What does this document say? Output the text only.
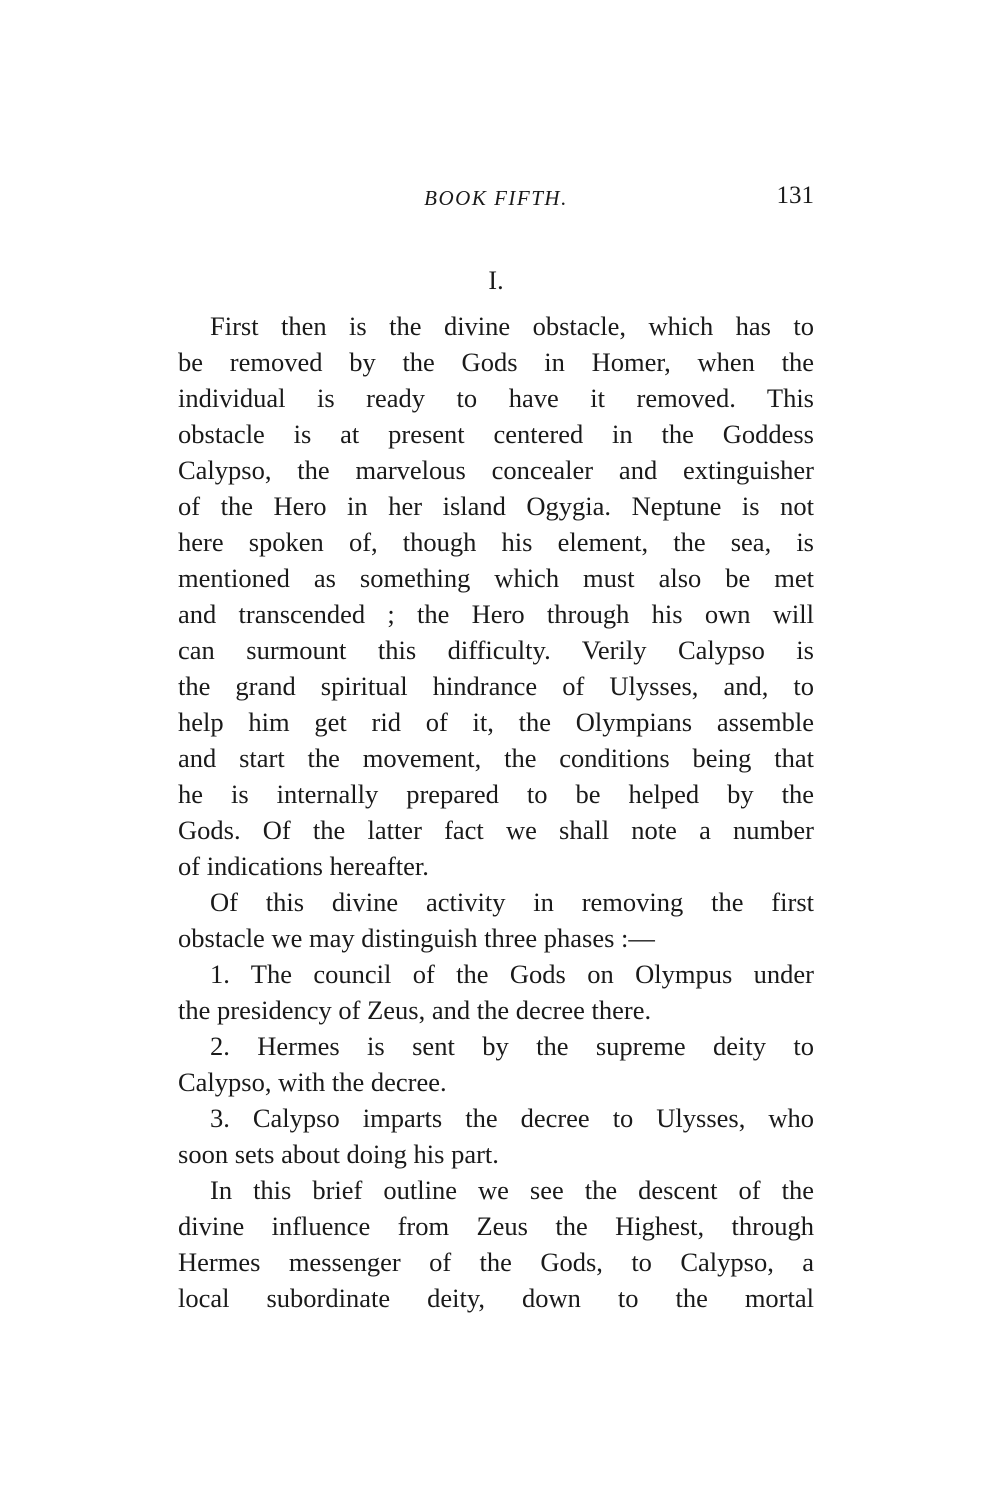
BOOK FIFTH.	131
I.
First then is the divine obstacle, which has to
be removed by the Gods in Homer, when the
individual is ready to have it removed. This
obstacle is at present centered in the Goddess
Calypso, the marvelous concealer and extinguisher
of the Hero in her island Ogygia. Neptune is not
here spoken of, though his element, the sea, is
mentioned as something which must also be met
and transcended ; the Hero through his own will
can surmount this difficulty. Verily Calypso is
the grand spiritual hindrance of Ulysses, and, to
help him get rid of it, the Olympians assemble
and start the movement, the conditions being that
he is internally prepared to be helped by the
Gods. Of the latter fact we shall note a number
of indications hereafter.
Of this divine activity in removing the first
obstacle we may distinguish three phases :—
1. The council of the Gods on Olympus under
the presidency of Zeus, and the decree there.
2. Hermes is sent by the supreme deity to
Calypso, with the decree.
3. Calypso imparts the decree to Ulysses, who
soon sets about doing his part.
In this brief outline we see the descent of the
divine influence from Zeus the Highest, through
Hermes messenger of the Gods, to Calypso, a
local subordinate deity, down to the mortal
